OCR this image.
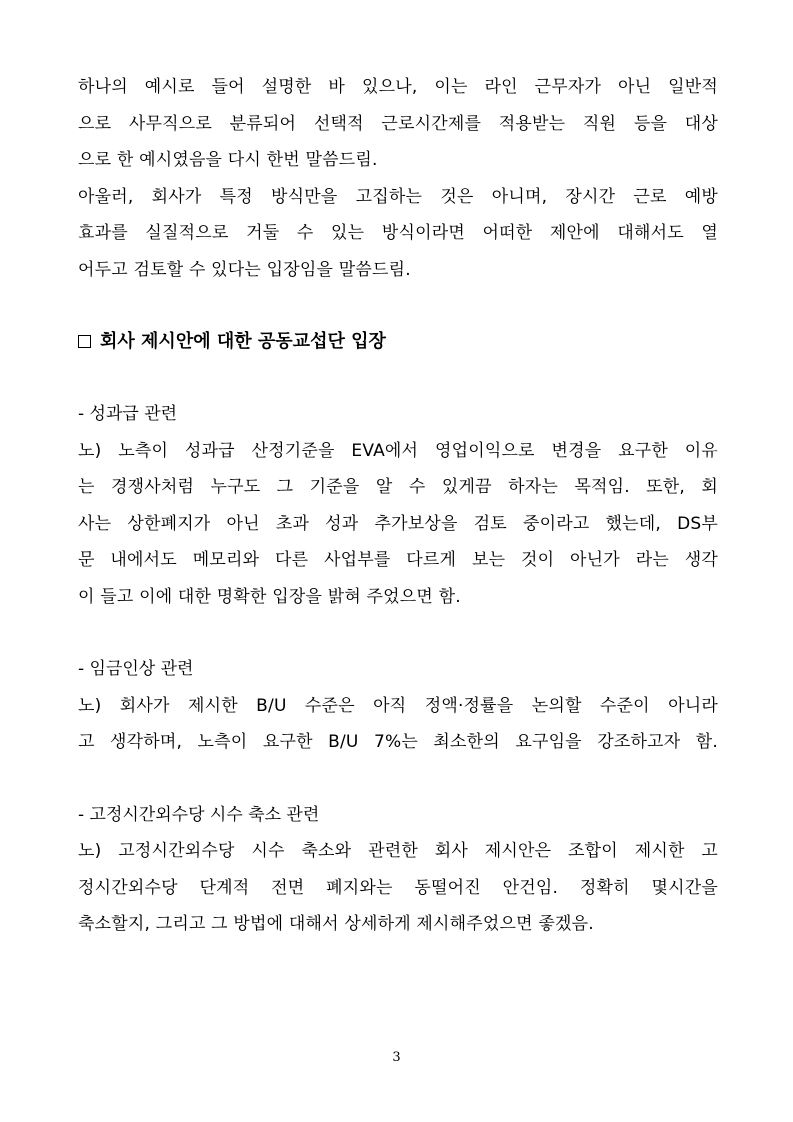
하나의 예시로 들어 설명한 바 있으나, 이는 라인 근무자가 아닌 일반적
으로 사무직으로 분류되어 선택적 근로시간제를 적용받는 직원 등을 대상
으로 한 예시였음을 다시 한번 말씀드림.
아울러, 회사가 특정 방식만을 고집하는 것은 아니며, 장시간 근로 예방
효과를 실질적으로 거둘 수 있는 방식이라면 어떠한 제안에 대해서도 열
어두고 검토할 수 있다는 입장임을 말씀드림.
회사 제시안에 대한 공동교섭단 입장
- 성과급 관련
노) 노측이 성과급 산정기준을 EVA에서 영업이익으로 변경을 요구한 이유
는 경쟁사처럼 누구도 그 기준을 알 수 있게끔 하자는 목적임. 또한, 회
사는 상한폐지가 아닌 초과 성과 추가보상을 검토 중이라고 했는데, DS부
문 내에서도 메모리와 다른 사업부를 다르게 보는 것이 아닌가 라는 생각
이 들고 이에 대한 명확한 입장을 밝혀 주었으면 함.
- 임금인상 관련
노) 회사가 제시한 B/U 수준은 아직 정액·정률을 논의할 수준이 아니라
고 생각하며, 노측이 요구한 B/U 7%는 최소한의 요구임을 강조하고자 함.
- 고정시간외수당 시수 축소 관련
노) 고정시간외수당 시수 축소와 관련한 회사 제시안은 조합이 제시한 고
정시간외수당 단계적 전면 폐지와는 동떨어진 안건임. 정확히 몇시간을
축소할지, 그리고 그 방법에 대해서 상세하게 제시해주었으면 좋겠음.
3
